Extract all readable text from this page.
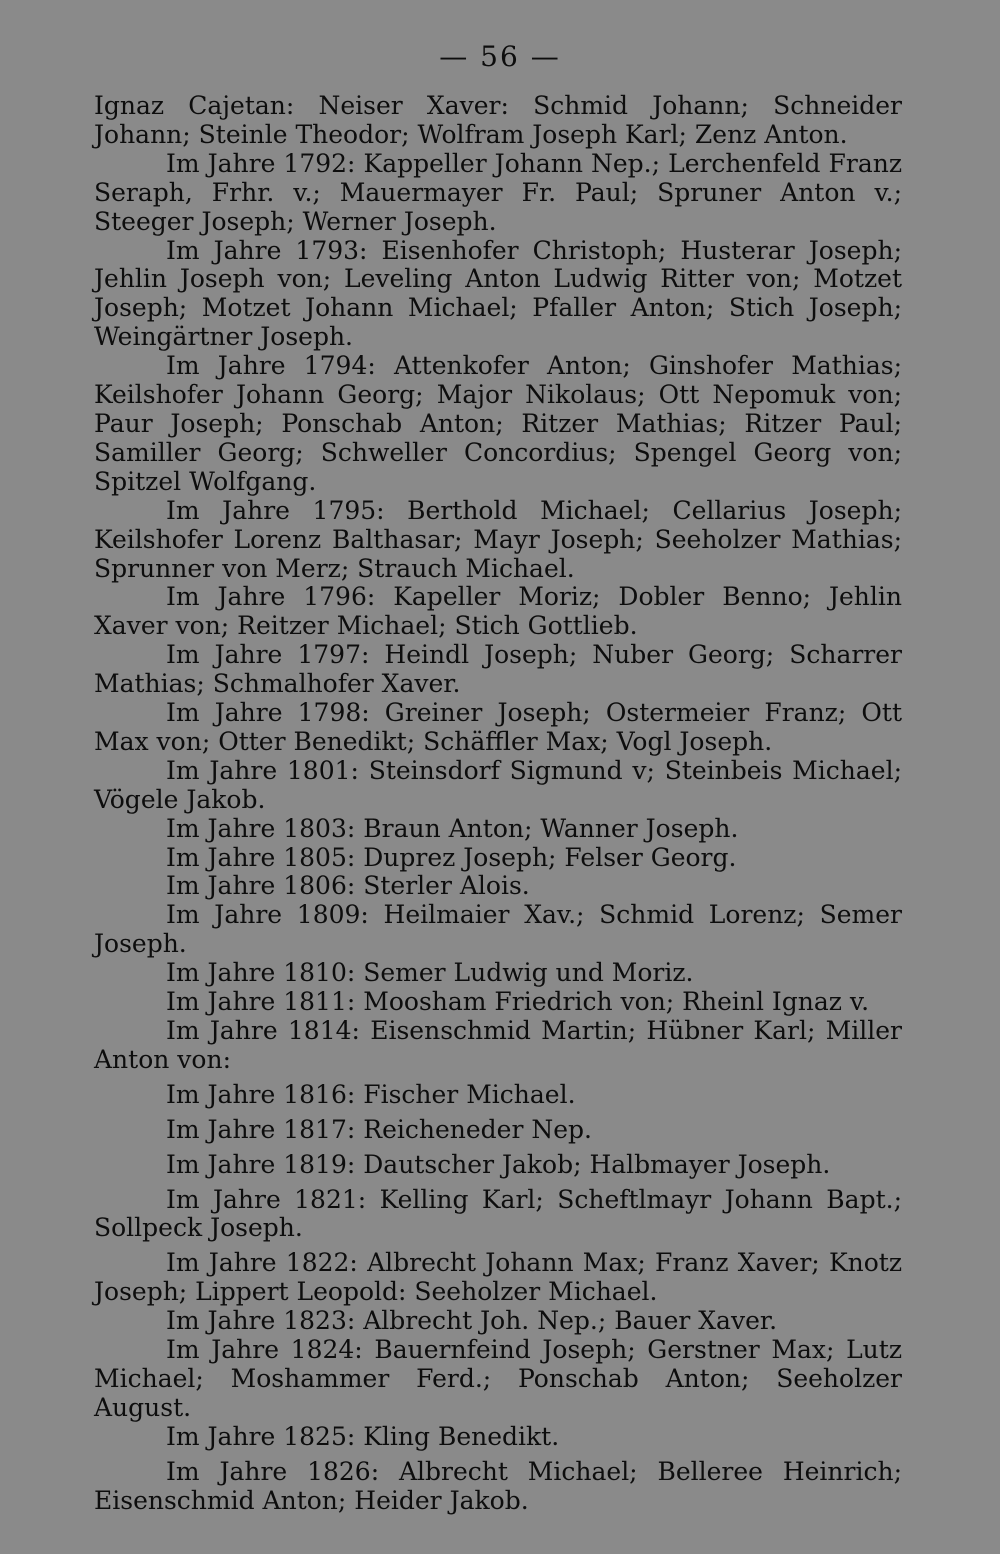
— 56 —

Ignaz Cajetan: Neiser Xaver: Schmid Johann; Schneider Johann; Steinle Theodor; Wolfram Joseph Karl; Zenz Anton.

Im Jahre 1792: Kappeller Johann Nep.; Lerchenfeld Franz Seraph, Frhr. v.; Mauermayer Fr. Paul; Spruner Anton v.; Steeger Joseph; Werner Joseph.

Im Jahre 1793: Eisenhofer Christoph; Husterar Joseph; Jehlin Joseph von; Leveling Anton Ludwig Ritter von; Motzet Joseph; Motzet Johann Michael; Pfaller Anton; Stich Joseph; Weingärtner Joseph.

Im Jahre 1794: Attenkofer Anton; Ginshofer Mathias; Keilshofer Johann Georg; Major Nikolaus; Ott Nepomuk von; Paur Joseph; Ponschab Anton; Ritzer Mathias; Ritzer Paul; Samiller Georg; Schweller Concordius; Spengel Georg von; Spitzel Wolfgang.

Im Jahre 1795: Berthold Michael; Cellarius Joseph; Keilshofer Lorenz Balthasar; Mayr Joseph; Seeholzer Mathias; Sprunner von Merz; Strauch Michael.

Im Jahre 1796: Kapeller Moriz; Dobler Benno; Jehlin Xaver von; Reitzer Michael; Stich Gottlieb.

Im Jahre 1797: Heindl Joseph; Nuber Georg; Scharrer Mathias; Schmalhofer Xaver.

Im Jahre 1798: Greiner Joseph; Ostermeier Franz; Ott Max von; Otter Benedikt; Schäffler Max; Vogl Joseph.

Im Jahre 1801: Steinsdorf Sigmund v; Steinbeis Michael; Vögele Jakob.

Im Jahre 1803: Braun Anton; Wanner Joseph.

Im Jahre 1805: Duprez Joseph; Felser Georg.

Im Jahre 1806: Sterler Alois.

Im Jahre 1809: Heilmaier Xav.; Schmid Lorenz; Semer Joseph.

Im Jahre 1810: Semer Ludwig und Moriz.

Im Jahre 1811: Moosham Friedrich von; Rheinl Ignaz v.

Im Jahre 1814: Eisenschmid Martin; Hübner Karl; Miller Anton von:

Im Jahre 1816: Fischer Michael.

Im Jahre 1817: Reicheneder Nep.

Im Jahre 1819: Dautscher Jakob; Halbmayer Joseph.

Im Jahre 1821: Kelling Karl; Scheftlmayr Johann Bapt.; Sollpeck Joseph.

Im Jahre 1822: Albrecht Johann Max; Franz Xaver; Knotz Joseph; Lippert Leopold: Seeholzer Michael.

Im Jahre 1823: Albrecht Joh. Nep.; Bauer Xaver.

Im Jahre 1824: Bauernfeind Joseph; Gerstner Max; Lutz Michael; Moshammer Ferd.; Ponschab Anton; Seeholzer August.

Im Jahre 1825: Kling Benedikt.

Im Jahre 1826: Albrecht Michael; Belleree Heinrich; Eisenschmid Anton; Heider Jakob.
